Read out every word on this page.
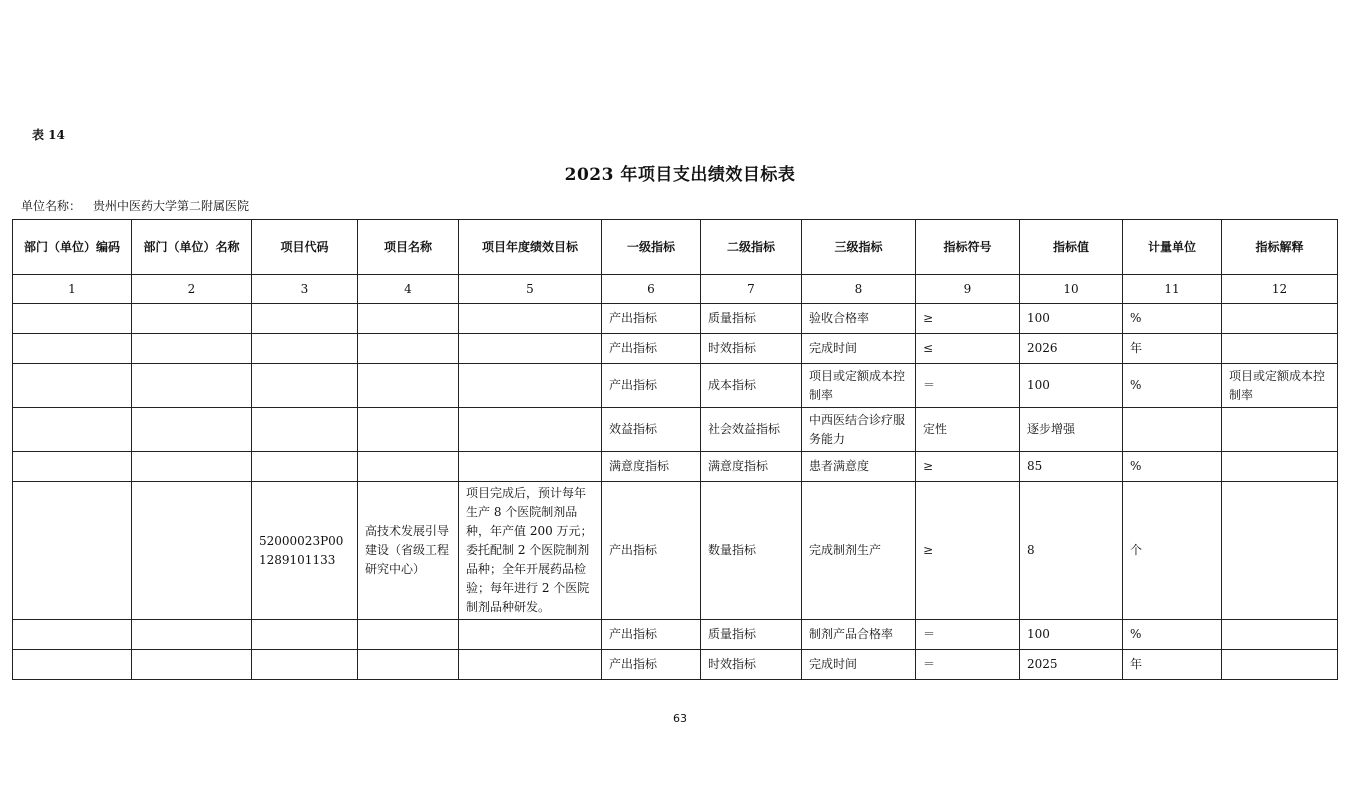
表 14
2023 年项目支出绩效目标表
单位名称： 贵州中医药大学第二附属医院
部门（单位）编码	部门（单位）名称	项目代码	项目名称	项目年度绩效目标	一级指标	二级指标	三级指标	指标符号	指标值	计量单位	指标解释
1	2	3	4	5	6	7	8	9	10	11	12
					产出指标	质量指标	验收合格率	≥	100	%	
					产出指标	时效指标	完成时间	≤	2026	年	
					产出指标	成本指标	项目或定额成本控制率	＝	100	%	项目或定额成本控制率
					效益指标	社会效益指标	中西医结合诊疗服务能力	定性	逐步增强		
					满意度指标	满意度指标	患者满意度	≥	85	%	
		52000023P001289101133	高技术发展引导建设（省级工程研究中心）	项目完成后，预计每年生产 8 个医院制剂品种，年产值 200 万元；委托配制 2 个医院制剂品种；全年开展药品检验；每年进行 2 个医院制剂品种研发。	产出指标	数量指标	完成制剂生产	≥	8	个	
					产出指标	质量指标	制剂产品合格率	＝	100	%	
					产出指标	时效指标	完成时间	＝	2025	年	
63
